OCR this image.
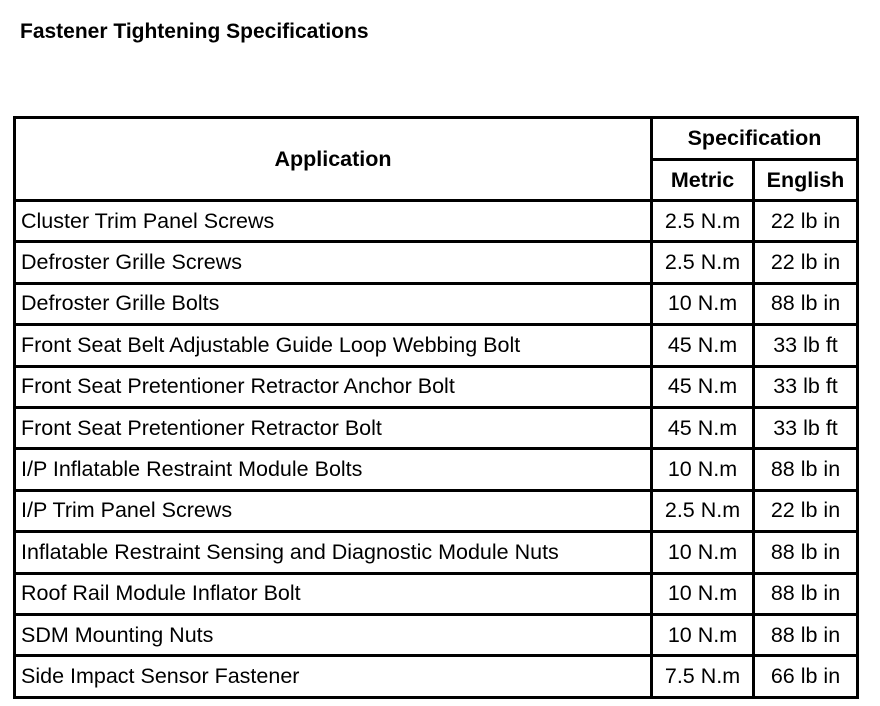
Fastener Tightening Specifications
Application	Specification	
	Metric	English
Cluster Trim Panel Screws	2.5 N.m	22 lb in
Defroster Grille Screws	2.5 N.m	22 lb in
Defroster Grille Bolts	10 N.m	88 lb in
Front Seat Belt Adjustable Guide Loop Webbing Bolt	45 N.m	33 lb ft
Front Seat Pretentioner Retractor Anchor Bolt	45 N.m	33 lb ft
Front Seat Pretentioner Retractor Bolt	45 N.m	33 lb ft
I/P Inflatable Restraint Module Bolts	10 N.m	88 lb in
I/P Trim Panel Screws	2.5 N.m	22 lb in
Inflatable Restraint Sensing and Diagnostic Module Nuts	10 N.m	88 lb in
Roof Rail Module Inflator Bolt	10 N.m	88 lb in
SDM Mounting Nuts	10 N.m	88 lb in
Side Impact Sensor Fastener	7.5 N.m	66 lb in
